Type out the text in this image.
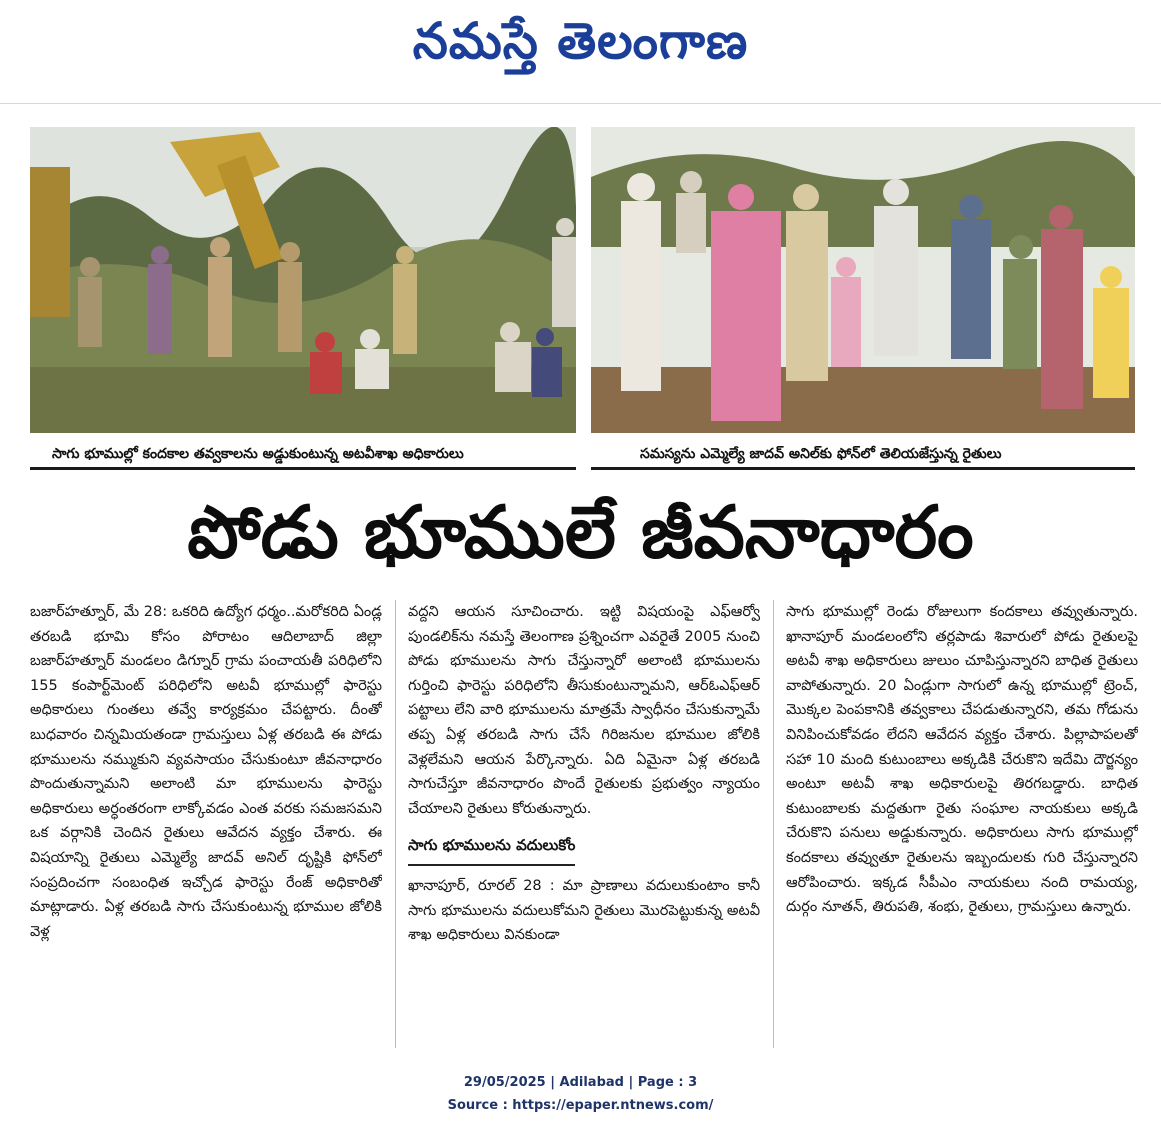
నమస్తే తెలంగాణ
సాగు భూముల్లో కందకాల తవ్వకాలను అడ్డుకుంటున్న అటవీశాఖ అధికారులు	సమస్యను ఎమ్మెల్యే జాదవ్ అనిల్‌కు ఫోన్‌లో తెలియజేస్తున్న రైతులు
పోడు భూములే జీవనాధారం

బజార్‌హత్నూర్, మే 28: ఒకరిది ఉద్యోగ ధర్మం..మరోకరిది ఏండ్ల తరబడి భూమి కోసం పోరాటం ఆదిలాబాద్ జిల్లా బజార్‌హత్నూర్ మండలం డిగ్నూర్ గ్రామ పంచాయతీ పరిధిలోని 155 కంపార్ట్‌మెంట్ పరిధిలోని అటవీ భూముల్లో ఫారెస్టు అధికారులు గుంతలు తవ్వే కార్యక్రమం చేపట్టారు. దీంతో బుధవారం చిన్నమియతండా గ్రామస్తులు ఏళ్ల తరబడి ఈ పోడు భూములను నమ్ముకుని వ్యవసాయం చేసుకుంటూ జీవనాధారం పొందుతున్నామని అలాంటి మా భూములను ఫారెస్టు అధికారులు అర్ధంతరంగా లాక్కోవడం ఎంత వరకు సమజసమని ఒక వర్గానికి చెందిన రైతులు ఆవేదన వ్యక్తం చేశారు. ఈ విషయాన్ని రైతులు ఎమ్మెల్యే జాదవ్ అనిల్ దృష్టికి ఫోన్‌లో సంప్రదించగా సంబంధిత ఇచ్చోడ ఫారెస్టు రేంజ్ అధికారితో మాట్లాడారు. ఏళ్ల తరబడి సాగు చేసుకుంటున్న భూముల జోలికి వెళ్ల

వద్దని ఆయన సూచించారు. ఇట్టి విషయంపై ఎఫ్ఆర్వో పుండలిక్‌ను నమస్తే తెలంగాణ ప్రశ్నించగా ఎవరైతే 2005 నుంచి పోడు భూములను సాగు చేస్తున్నారో అలాంటి భూములను గుర్తించి ఫారెస్టు పరిధిలోని తీసుకుంటున్నామని, ఆర్‌ఓఎఫ్ఆర్ పట్టాలు లేని వారి భూములను మాత్రమే స్వాధీనం చేసుకున్నామే తప్ప ఏళ్ల తరబడి సాగు చేసే గిరిజనుల భూముల జోలికి వెళ్లలేమని ఆయన పేర్కొన్నారు. ఏది ఏమైనా ఏళ్ల తరబడి సాగుచేస్తూ జీవనాధారం పొందే రైతులకు ప్రభుత్వం న్యాయం చేయాలని రైతులు కోరుతున్నారు.

సాగు భూములను వదులుకోం

ఖానాపూర్, రూరల్ 28 : మా ప్రాణాలు వదులుకుంటాం కానీ సాగు భూములను వదులుకోమని రైతులు మొరపెట్టుకున్న అటవీ శాఖ అధికారులు వినకుండా

సాగు భూముల్లో రెండు రోజులుగా కందకాలు తవ్వుతున్నారు. ఖానాపూర్ మండలంలోని తర్లపాడు శివారులో పోడు రైతులపై అటవీ శాఖ అధికారులు జులుం చూపిస్తున్నారని బాధిత రైతులు వాపోతున్నారు. 20 ఏండ్లుగా సాగులో ఉన్న భూముల్లో ట్రెంచ్, మొక్కల పెంపకానికి తవ్వకాలు చేపడుతున్నారని, తమ గోడును వినిపించుకోవడం లేదని ఆవేదన వ్యక్తం చేశారు. పిల్లాపాపలతో సహా 10 మంది కుటుంబాలు అక్కడికి చేరుకొని ఇదేమి దౌర్జన్యం అంటూ అటవీ శాఖ అధికారులపై తిరగబడ్డారు. బాధిత కుటుంబాలకు మద్దతుగా రైతు సంఘాల నాయకులు అక్కడి చేరుకొని పనులు అడ్డుకున్నారు. అధికారులు సాగు భూముల్లో కందకాలు తవ్వుతూ రైతులను ఇబ్బందులకు గురి చేస్తున్నారని ఆరోపించారు. ఇక్కడ సీపీఎం నాయకులు నంది రామయ్య, దుర్గం నూతన్, తిరుపతి, శంభు, రైతులు, గ్రామస్తులు ఉన్నారు.

29/05/2025 | Adilabad | Page : 3
Source : https://epaper.ntnews.com/
